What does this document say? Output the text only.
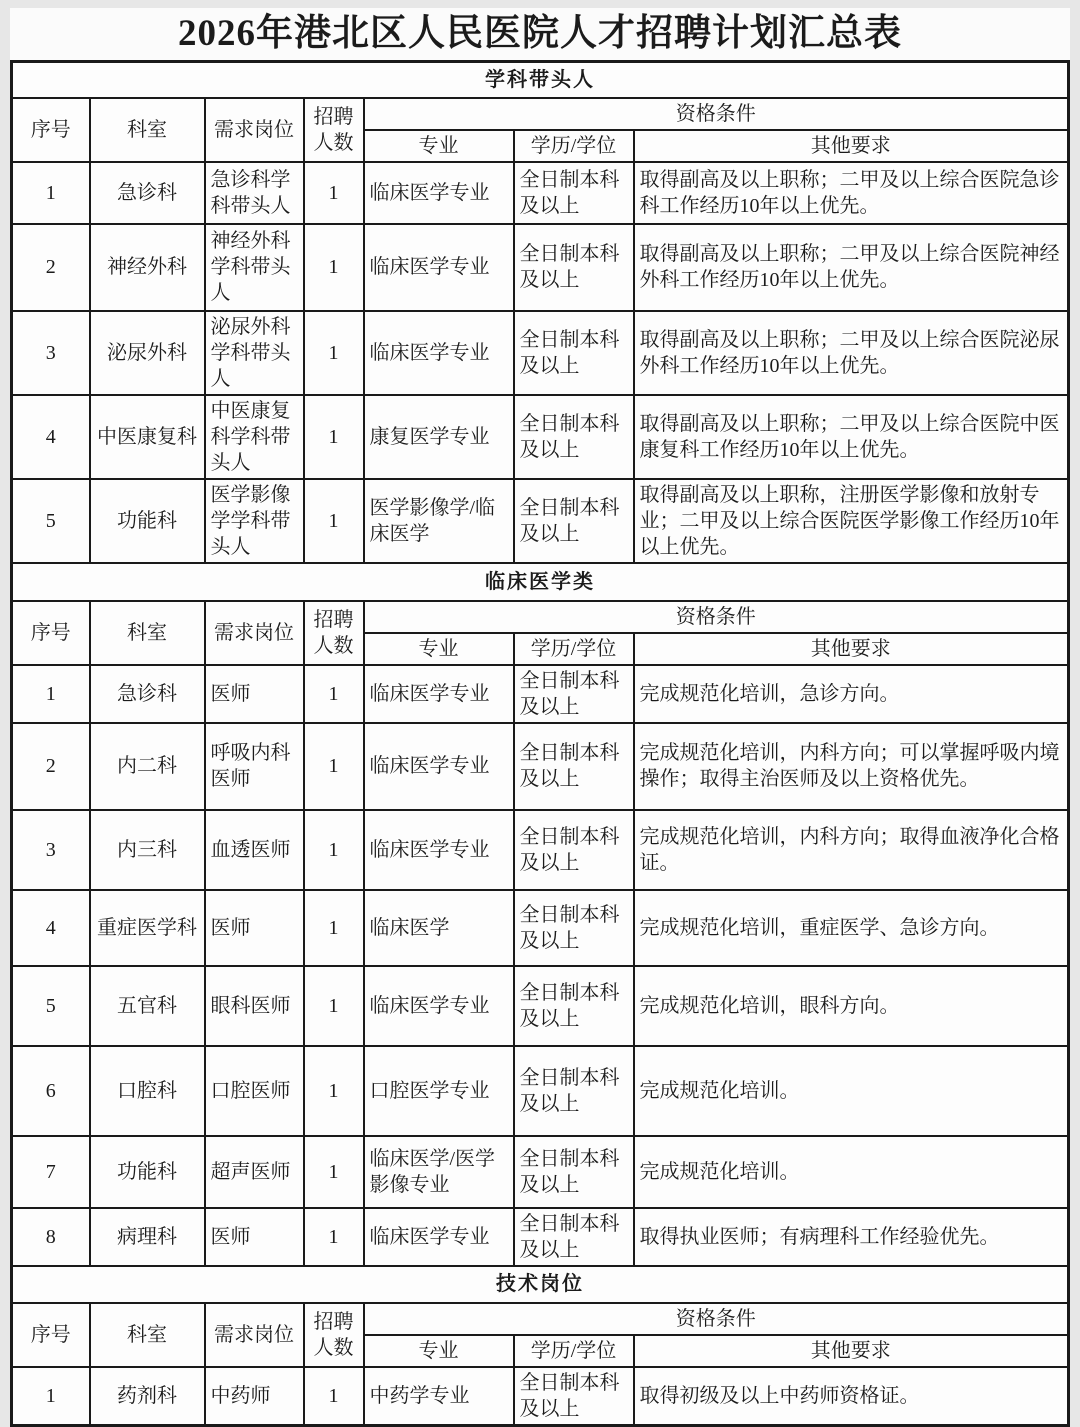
2026年港北区人民医院人才招聘计划汇总表
学科带头人						
序号	科室	需求岗位	招聘人数	资格条件		
				专业	学历/学位	其他要求
1	急诊科	急诊科学科带头人	1	临床医学专业	全日制本科及以上	取得副高及以上职称；二甲及以上综合医院急诊科工作经历10年以上优先。
2	神经外科	神经外科学科带头人	1	临床医学专业	全日制本科及以上	取得副高及以上职称；二甲及以上综合医院神经外科工作经历10年以上优先。
3	泌尿外科	泌尿外科学科带头人	1	临床医学专业	全日制本科及以上	取得副高及以上职称；二甲及以上综合医院泌尿外科工作经历10年以上优先。
4	中医康复科	中医康复科学科带头人	1	康复医学专业	全日制本科及以上	取得副高及以上职称；二甲及以上综合医院中医康复科工作经历10年以上优先。
5	功能科	医学影像学学科带头人	1	医学影像学/临床医学	全日制本科及以上	取得副高及以上职称，注册医学影像和放射专业；二甲及以上综合医院医学影像工作经历10年以上优先。
临床医学类						
序号	科室	需求岗位	招聘人数	资格条件		
				专业	学历/学位	其他要求
1	急诊科	医师	1	临床医学专业	全日制本科及以上	完成规范化培训，急诊方向。
2	内二科	呼吸内科医师	1	临床医学专业	全日制本科及以上	完成规范化培训，内科方向；可以掌握呼吸内境操作；取得主治医师及以上资格优先。
3	内三科	血透医师	1	临床医学专业	全日制本科及以上	完成规范化培训，内科方向；取得血液净化合格证。
4	重症医学科	医师	1	临床医学	全日制本科及以上	完成规范化培训，重症医学、急诊方向。
5	五官科	眼科医师	1	临床医学专业	全日制本科及以上	完成规范化培训，眼科方向。
6	口腔科	口腔医师	1	口腔医学专业	全日制本科及以上	完成规范化培训。
7	功能科	超声医师	1	临床医学/医学影像专业	全日制本科及以上	完成规范化培训。
8	病理科	医师	1	临床医学专业	全日制本科及以上	取得执业医师；有病理科工作经验优先。
技术岗位						
序号	科室	需求岗位	招聘人数	资格条件		
				专业	学历/学位	其他要求
1	药剂科	中药师	1	中药学专业	全日制本科及以上	取得初级及以上中药师资格证。
